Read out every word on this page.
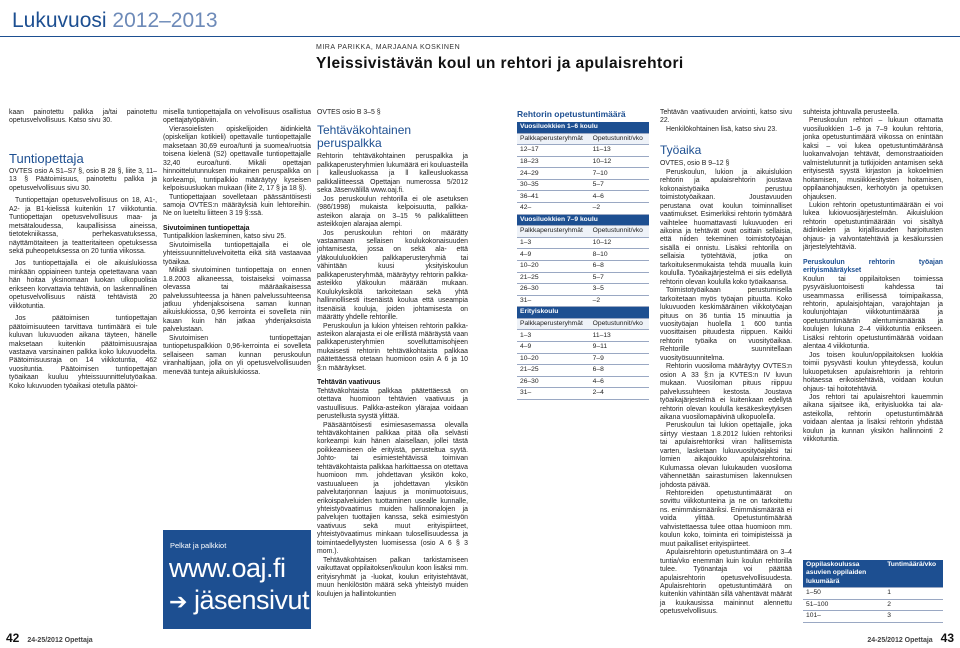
Lukuvuosi 2012–2013
MIRA PARIKKA, MARJAANA KOSKINEN
Yleissivistävän koul un rehtori ja apulaisrehtori

kaan painotettu palkka ja/tai painotettu opetusvelvollisuus. Katso sivu 30.

Tuntiopettaja

OVTES osio A S1–S7 §, osio B 28 §, liite 3, 11–13 § Päätoimisuus, painotettu palkka ja opetusvelvollisuus sivu 30.

Tuntiopettajan opetusvelvollisuus on 18, A1-, A2- ja B1-kielissä kuitenkin 17 viikkotuntia. Tuntiopettajan opetusvelvollisuus maa- ja metsätaloudessa, kaupallisissa aineissa, tietotekniikassa, perhekasvatuksessa, näyttämötaiteen ja teatteritaiteen opetuksessa sekä puheopetuksessa on 20 tuntia viikossa.

Jos tuntiopettajalla ei ole aikuislukiossa minkään oppiaineen tunteja opetettavana vaan hän hoitaa yksinomaan luokan ulkopuolisia erikseen korvattavia tehtäviä, on laskennallinen opetusvelvollisuus näistä tehtävistä 20 viikkotuntia.

Jos päätoimisen tuntiopettajan päätoimisuuteen tarvittava tuntimäärä ei tule kuluvan lukuvuoden aikana täyteen, hänelle maksetaan kuitenkin päätoimisuusrajaa vastaava varsinainen palkka koko lukuvuodelta. Päätoimisuusraja on 14 viikkotuntia, 462 vuosituntia. Päätoimisen tuntiopettajan työaikaan kuuluu yhteissuunnittelutyöaikaa. Koko lukuvuoden työaikasi otetulla päätoi-

misella tuntiopettajalla on velvollisuus osallistua opettajatyöpäiviin.

Vierasoielisten opiskelijoiden äidinkieltä (opiskelijan kotikieli) opettavalle tuntiopettajalle maksetaan 30,69 euroa/tunti ja suomea/ruotsia toisena kielenä (S2) opettavalle tuntiopettajalle 32,40 euroa/tunti. Mikäli opettajan hinnoittelutunnuksen mukainen peruspalkka on korkeampi, tuntipalkkio määräytyy kyseisen kelpoisuusluokan mukaan (liite 2, 17 § ja 18 §).

Tuntiopettajaan sovelletaan päässäntöisesti samoja OVTES:n määräyksiä kuin lehtoreihin. Ne on lueteltu liitteen 3 19 §:ssä.

Sivutoiminen tuntiopettaja

Tuntipalkkion laskeminen, katso sivu 25.

Sivutoimisella tuntiopettajalla ei ole yhteissuunnitteluvelvoitetta eikä sitä vastaavaa työaikaa.

Mikäli sivutoiminen tuntiopettaja on ennen 1.8.2003 alkaneessa, toistaiseksi voimassa olevassa tai määräaikaisessa palvelussuhteessa ja hänen palvelussuhteensa jatkuu yhdenjaksoisena saman kunnan aikuislukiossa, 0,96 kerrointa ei sovelleta niin kauan kuin hän jatkaa yhdenjaksoista palvelustaan.

Sivutoimisen tuntiopettajan tuntiopetuspalkkion 0,96-kerrointa ei sovelleta sellaiseen saman kunnan peruskoulun viranhaltijaan, jolla on yli opetusvelvollisuuden menevää tunteja aikuislukiossa.

Pelkat ja palkkiot
www.oaj.fi
➔ jäsensivut

OVTES osio B 3–5 §

Tehtäväkohtainen peruspalkka

Rehtorin tehtäväkohtainen peruspalkka ja palkkaperusteryhmien lukumäärä eri kouluasteilla l kalleusluokassa ja ll kalleusluokassa palkkaliitteessä Opettajan numerossa 5/2012 seka Jäsenvälillä www.oaj.fi.

Jos peruskoulun rehtorilla ei ole asetuksen (986/1998) mukaista kelpoisuutta, palkka-asteikon alaraja on 3–15 % palkkaliitteen asteikkojen alarajaa alempi.

Jos peruskoulun rehtori on määrätty vastaamaan sellaisen koulukokonaisuuden johtamisesta, jossa on sekä ala- että yläkoululuokkien palkkaperusteryhmiä tai vähintään kuusi yksityiskoulun palkkaperusteryhmää, määräytyy rehtorin palkka-asteikko yläkoulun määrään mukaan. Koulukyksikölä tarkoitetaan sekä yhtä hallinnollisesti itsenäistä koulua että useampia itsenäisiä kouluja, joiden johtamisesta on määrätty yhdelle rehtorille.

Peruskoulun ja lukion yhteisen rehtorin palkka-asteikon alarajasta ei ole erillistä määräystä vaan palkkaperusteryhmien sovelluttamisohjeen mukaisesti rehtorin tehtäväkohtaista palkkaa päätettäessä otetaan huomioon osiin A 6 ja 10 §:n määräykset.

Tehtävän vaativuus

Tehtäväkohtaista palkkaa päätettäessä on otettava huomioon tehtävien vaativuus ja vastuullisuus. Palkka-asteikon ylärajaa voidaan perustellusta syystä ylittää.

Pääsääntöisesti esimiesasemassa olevalla tehtäväkohtainen palkkaa pitää olla selvästi korkeampi kuin hänen alaisellaan, jollei tästä poikkeamiseen ole erityistä, perusteltua syytä. Johto- tai esimiestehtävissä toimivan tehtäväkohtaista palkkaa harkittaessa on otettava huomioon mm. johdettavan yksikön koko, vastuualueen ja johdettavan yksikön palvelutarjonnan laajuus ja monimuotoisuus, erikoispalveluiden tuottaminen usealle kunnalle, yhteistyövaatimus muiden hallinnonalojen ja palvelujen tuottajien kanssa, sekä esimiestyön vaativuus sekä muut erityispiirteet, yhteistyövaatimus minkaan tulosellisuudessa ja toimintaedellytysten luomisessa (osio A 6 § 3 mom.).

Tehtäväkohtaisen palkan tarkistamiseen vaikuttavat oppilaitoksen/koulun koon lisäksi mm. erityisryhmät ja -luokat, koulun erityistehtävät, muun henkilöstön määrä sekä yhteistyö muiden koulujen ja hallintokuntien

Rehtorin opetustuntimäärä
Vuosiluokkien 1–6 koulu	
Palkkaperusteryhmät	Opetustunnit/vko
12–17	11–13
18–23	10–12
24–29	7–10
30–35	5–7
36–41	4–6
42–	–2
Vuosiluokkien 7–9 koulu	
Palkkaperusteryhmät	Opetustunnit/vko
1–3	10–12
4–9	8–10
10–20	6–8
21–25	5–7
26–30	3–5
31–	–2
Erityiskoulu	
Palkkaperusteryhmät	Opetustunnit/vko
1–3	11–13
4–9	9–11
10–20	7–9
21–25	6–8
26–30	4–6
31–	2–4

Tehtävän vaativuuden arviointi, katso sivu 22.

Henkilökohtainen lisä, katso sivu 23.

Työaika

OVTES, osio B 9–12 §

Peruskoulun, lukion ja aikuislukion rehtorin ja apulaisrehtorin joustava kokonaistyöaika perustuu toimistotyöaikaan. Joustavuuden perustana ovat koulun toiminnalliset vaatimukset. Esimerkiksi rehtorin työmäärä vaihtelee huomattavasti lukuvuoden eri aikoina ja tehtävät ovat osittain sellaisia, että niiden tekeminen toimistotyöajan sisällä ei onnistu. Lisäksi rehtorilla on sellaisia työtehtäviä, jotka on tarkoituksenmukaista tehdä muualla kuin koululla. Työaikajärjestelmä ei siis edellytä rehtorin olevan koululla koko työaikaansa.

Toimistotyöaikaan perustumisella tarkoitetaan myös työajan pituutta. Koko lukuvuoden keskimääräinen viikkotyöajan pituus on 36 tuntia 15 minuuttia ja vuosityöajan huolella 1 600 tuntia vuosittaisen pituudesta riippuen. Kaikki rehtorin työaika on vuosityöaikaa. Rehtorille suunnitellaan vuosityösuunnitelma.

Rehtorin vuosiloma määräytyy OVTES:n osion A 33 §:n ja KVTES:n IV luvun mukaan. Vuosiloman pituus riippuu palvelussuhteen kestosta. Joustava työaikajärjestelmä ei kuitenkaan edellytä rehtorin olevan koululla kesäkeskeytyksen aikana vuosilomapäivinä ulkopuolella.

Peruskoulun tai lukion opettajalle, joka siirtyy viestaan 1.8.2012 lukien rehtoriksi tai apulaisrehtoriksi viran hallitsemista varten, lasketaan lukuvuosityöajaksi tai lomien aikajoukko apulaisrehtorina. Kulumassa olevan lukukauden vuosiloma vähennetään sairastumisen lakennuksen johdosta päivää.

Rehtoreiden opetustuntimäärät on sovittu viikkotunteina ja ne on tarkoitettu ns. enimmäismääriksi. Enimmäismäärää ei voida ylittää. Opetustuntimäärää vahvistettaessa tulee ottaa huomioon mm. koulun koko, toiminta eri toimipisteissä ja muut paikalliset erityispiirteet.

Apulaisrehtorin opetustuntimäärä on 3–4 tuntia/vko enemmän kuin koulun rehtorilla tulee. Työnantaja voi päättää apulaisrehtorin opetusvelvollisuudesta. Apulaisrehtorin opetustuntimäärä on kuitenkin vähintään sillä vähentävät määrät ja kuukausissa maininnut alennettu opetusvelvollisuus.

suhteista johtuvalla perusteella.

Peruskoulun rehtori – lukuun ottamatta vuosiluokkien 1–6 ja 7–9 koulun rehtoria, jonka opetustuntimäärä viikossa on enintään kaksi – voi lukea opetustuntimääränsä luokanvalvojan tehtävät, demonstraatioiden valmistelutunnit ja tutkijoiden antamisen sekä erityisestä syystä kirjaston ja kokoelmien hoitamisen, musiikkiesitysten hoitamisen, oppilaanohjauksen, kerhotyön ja opetuksen ohjauksen.

Lukion rehtorin opetustuntimäärään ei voi lukea lukiovuosijärjestelmän. Aikuislukion rehtorin opetustuntimäärään voi sisältyä äidinkielen ja kirjallisuuden harjoitusten ohjaus- ja valvontatehtäviä ja kesäkurssien järjestelytehtäviä.

Peruskoulun rehtorin työajan erityismääräykset

Koulun tai oppilaitoksen toimiessa pysyväisluontoisesti kahdessa tai useammassa erillisessä toimipaikassa, rehtorin, apulaisjohtajan, varajohtajan ja koulunjohtajan viikkotuntimäärää ja opetustuntimäärän alentumismäärää ja koulujen lukuna 2–4 viikkotuntia erikseen. Lisäksi rehtorin opetustuntimäärää voidaan alentaa 4 viikkotuntia.

Jos toisen koulun/oppilaitoksen luokkia toimii pysyvästi koulun yhteydessä, koulun lukuopetuksen apulaisrehtorin ja rehtorin hoitaessa erikoistehtäviä, voidaan koulun ohjaus- tai hoitotehtäviä.

Jos rehtori tai apulaisrehtori kauemmin aikana sijaitsee ikä, erityisluokka tai ala-asteikolla, rehtorin opetustuntimäärää voidaan alentaa ja lisäksi rehtorin yhdistää koulun ja kunnan yksikön hallinnointi 2 viikkotuntia.

Oppilaskoulussa asuvien oppilaiden lukumäärä	Tuntimäärä/vko
1–50	1
51–100	2
101–	3
42 24-25/2012 Opettaja	24-25/2012 Opettaja 43
